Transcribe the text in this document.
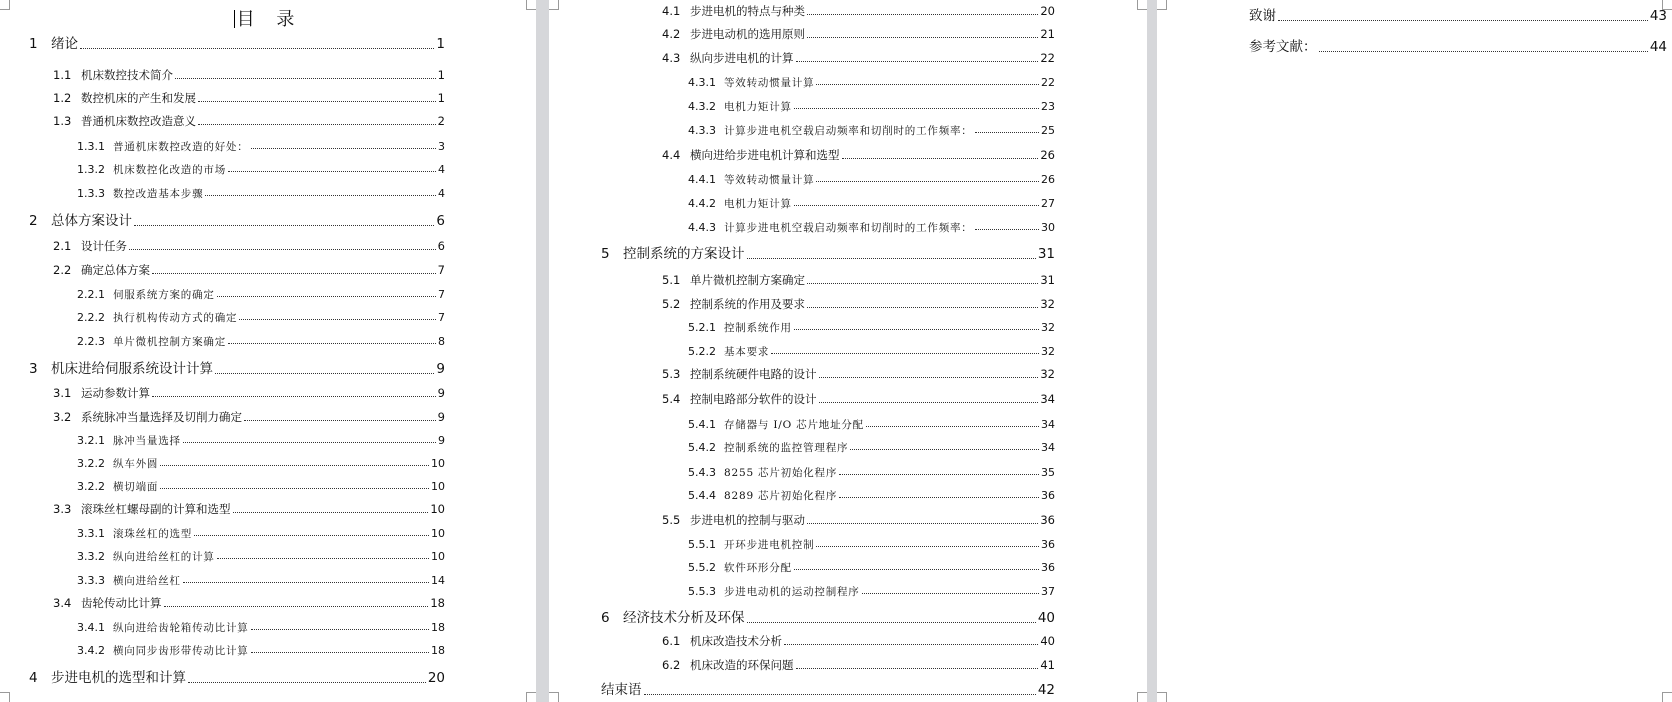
目 录
1 绪论	1
1.1 机床数控技术简介	1
1.2 数控机床的产生和发展	1
1.3 普通机床数控改造意义	2
1.3.1 普通机床数控改造的好处：	3
1.3.2 机床数控化改造的市场	4
1.3.3 数控改造基本步骤	4
2 总体方案设计	6
2.1 设计任务	6
2.2 确定总体方案	7
2.2.1 伺服系统方案的确定	7
2.2.2 执行机构传动方式的确定	7
2.2.3 单片微机控制方案确定	8
3 机床进给伺服系统设计计算	9
3.1 运动参数计算	9
3.2 系统脉冲当量选择及切削力确定	9
3.2.1 脉冲当量选择	9
3.2.2 纵车外圆	10
3.2.2 横切端面	10
3.3 滚珠丝杠螺母副的计算和选型	10
3.3.1 滚珠丝杠的选型	10
3.3.2 纵向进给丝杠的计算	10
3.3.3 横向进给丝杠	14
3.4 齿轮传动比计算	18
3.4.1 纵向进给齿轮箱传动比计算	18
3.4.2 横向同步齿形带传动比计算	18
4 步进电机的选型和计算	20
4.1 步进电机的特点与种类	20
4.2 步进电动机的选用原则	21
4.3 纵向步进电机的计算	22
4.3.1 等效转动惯量计算	22
4.3.2 电机力矩计算	23
4.3.3 计算步进电机空载启动频率和切削时的工作频率：	25
4.4 横向进给步进电机计算和选型	26
4.4.1 等效转动惯量计算	26
4.4.2 电机力矩计算	27
4.4.3 计算步进电机空载启动频率和切削时的工作频率：	30
5 控制系统的方案设计	31
5.1 单片微机控制方案确定	31
5.2 控制系统的作用及要求	32
5.2.1 控制系统作用	32
5.2.2 基本要求	32
5.3 控制系统硬件电路的设计	32
5.4 控制电路部分软件的设计	34
5.4.1 存储器与 I/O 芯片地址分配	34
5.4.2 控制系统的监控管理程序	34
5.4.3 8255 芯片初始化程序	35
5.4.4 8289 芯片初始化程序	36
5.5 步进电机的控制与驱动	36
5.5.1 开环步进电机控制	36
5.5.2 软件环形分配	36
5.5.3 步进电动机的运动控制程序	37
6 经济技术分析及环保	40
6.1 机床改造技术分析	40
6.2 机床改造的环保问题	41
结束语	42
致谢	43
参考文献：	44
